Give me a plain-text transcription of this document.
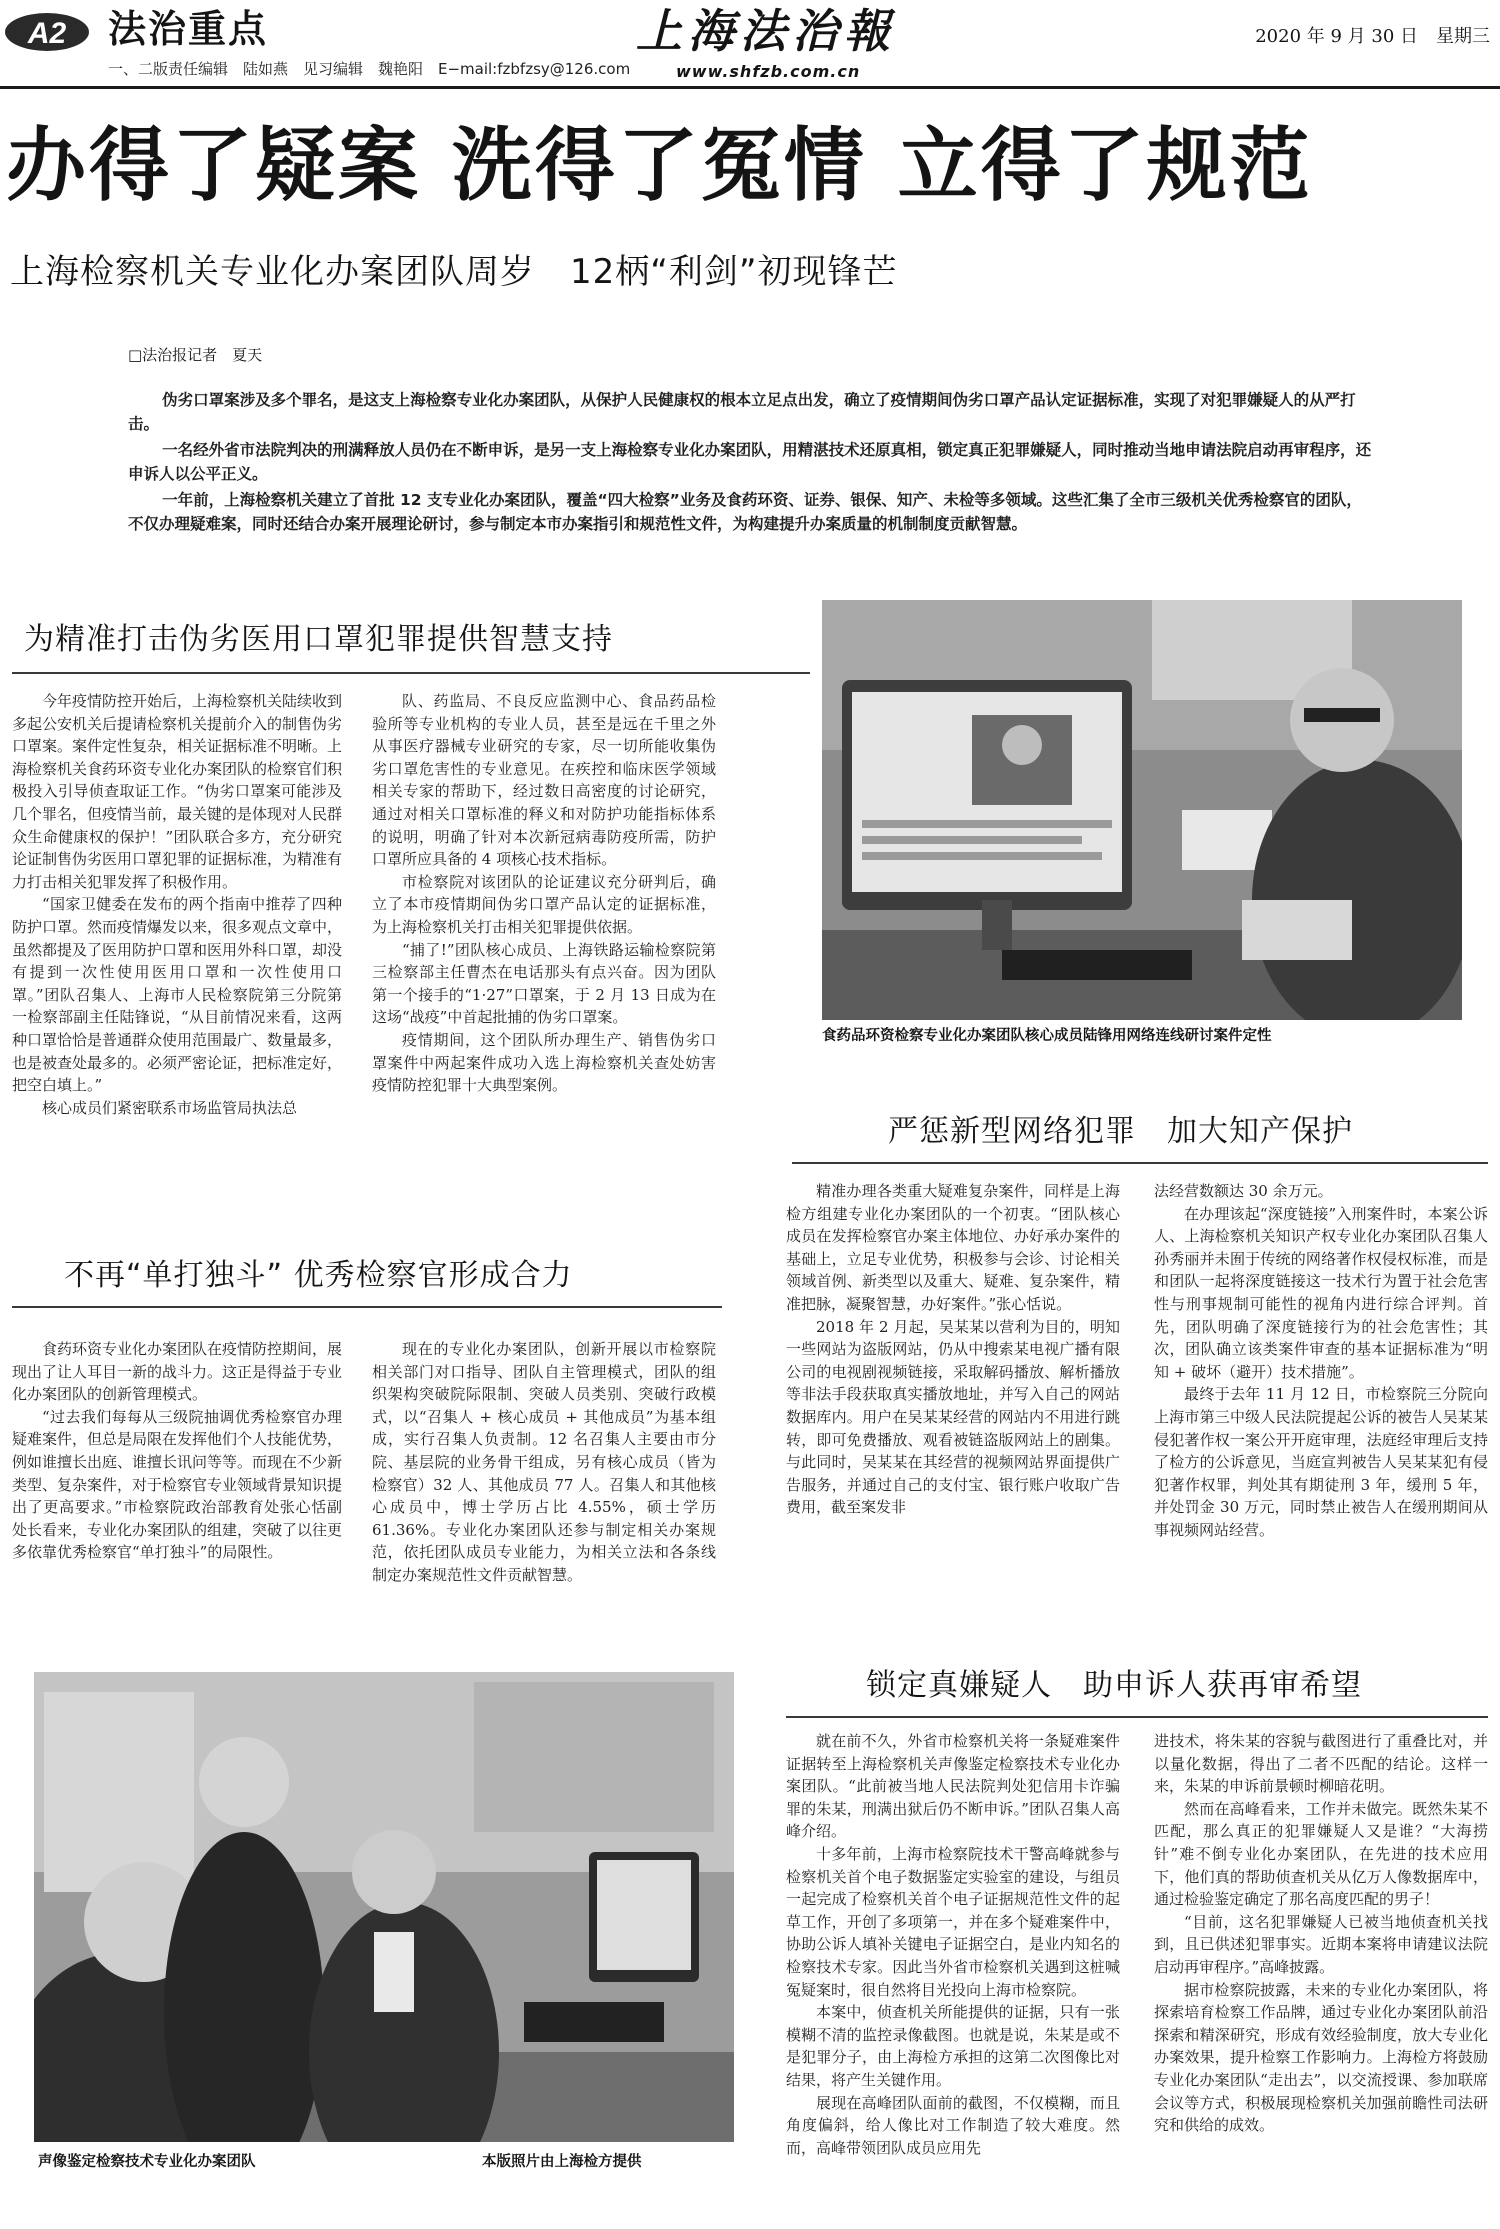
A2 法治重点
一、二版责任编辑　陆如燕　见习编辑　魏艳阳　E−mail:fzbfzsy@126.com
上海法治報
www.shfzb.com.cn
2020 年 9 月 30 日　星期三
办得了疑案 洗得了冤情 立得了规范
上海检察机关专业化办案团队周岁　12柄“利剑”初现锋芒
□法治报记者　夏天

伪劣口罩案涉及多个罪名，是这支上海检察专业化办案团队，从保护人民健康权的根本立足点出发，确立了疫情期间伪劣口罩产品认定证据标准，实现了对犯罪嫌疑人的从严打击。

一名经外省市法院判决的刑满释放人员仍在不断申诉，是另一支上海检察专业化办案团队，用精湛技术还原真相，锁定真正犯罪嫌疑人，同时推动当地申请法院启动再审程序，还申诉人以公平正义。

一年前，上海检察机关建立了首批 12 支专业化办案团队，覆盖“四大检察”业务及食药环资、证券、银保、知产、未检等多领域。这些汇集了全市三级机关优秀检察官的团队，不仅办理疑难案，同时还结合办案开展理论研讨，参与制定本市办案指引和规范性文件，为构建提升办案质量的机制制度贡献智慧。

为精准打击伪劣医用口罩犯罪提供智慧支持

今年疫情防控开始后，上海检察机关陆续收到多起公安机关后提请检察机关提前介入的制售伪劣口罩案。案件定性复杂，相关证据标准不明晰。上海检察机关食药环资专业化办案团队的检察官们积极投入引导侦查取证工作。“伪劣口罩案可能涉及几个罪名，但疫情当前，最关键的是体现对人民群众生命健康权的保护！”团队联合多方，充分研究论证制售伪劣医用口罩犯罪的证据标准，为精准有力打击相关犯罪发挥了积极作用。

“国家卫健委在发布的两个指南中推荐了四种防护口罩。然而疫情爆发以来，很多观点文章中，虽然都提及了医用防护口罩和医用外科口罩，却没有提到一次性使用医用口罩和一次性使用口罩。”团队召集人、上海市人民检察院第三分院第一检察部副主任陆锋说，“从目前情况来看，这两种口罩恰恰是普通群众使用范围最广、数量最多，也是被查处最多的。必须严密论证，把标准定好，把空白填上。”

核心成员们紧密联系市场监管局执法总

队、药监局、不良反应监测中心、食品药品检验所等专业机构的专业人员，甚至是远在千里之外从事医疗器械专业研究的专家，尽一切所能收集伪劣口罩危害性的专业意见。在疾控和临床医学领域相关专家的帮助下，经过数日高密度的讨论研究，通过对相关口罩标准的释义和对防护功能指标体系的说明，明确了针对本次新冠病毒防疫所需，防护口罩所应具备的 4 项核心技术指标。

市检察院对该团队的论证建议充分研判后，确立了本市疫情期间伪劣口罩产品认定的证据标准，为上海检察机关打击相关犯罪提供依据。

“捕了!”团队核心成员、上海铁路运输检察院第三检察部主任曹杰在电话那头有点兴奋。因为团队第一个接手的“1·27”口罩案，于 2 月 13 日成为在这场“战疫”中首起批捕的伪劣口罩案。

疫情期间，这个团队所办理生产、销售伪劣口罩案件中两起案件成功入选上海检察机关查处妨害疫情防控犯罪十大典型案例。

食药品环资检察专业化办案团队核心成员陆锋用网络连线研讨案件定性
不再“单打独斗” 优秀检察官形成合力

食药环资专业化办案团队在疫情防控期间，展现出了让人耳目一新的战斗力。这正是得益于专业化办案团队的创新管理模式。

“过去我们每每从三级院抽调优秀检察官办理疑难案件，但总是局限在发挥他们个人技能优势，例如谁擅长出庭、谁擅长讯问等等。而现在不少新类型、复杂案件，对于检察官专业领域背景知识提出了更高要求。”市检察院政治部教育处张心恬副处长看来，专业化办案团队的组建，突破了以往更多依靠优秀检察官“单打独斗”的局限性。

现在的专业化办案团队，创新开展以市检察院相关部门对口指导、团队自主管理模式，团队的组织架构突破院际限制、突破人员类别、突破行政模式，以“召集人 + 核心成员 + 其他成员”为基本组成，实行召集人负责制。12 名召集人主要由市分院、基层院的业务骨干组成，另有核心成员（皆为检察官）32 人、其他成员 77 人。召集人和其他核心成员中，博士学历占比 4.55%，硕士学历 61.36%。专业化办案团队还参与制定相关办案规范，依托团队成员专业能力，为相关立法和各条线制定办案规范性文件贡献智慧。

严惩新型网络犯罪　加大知产保护

精准办理各类重大疑难复杂案件，同样是上海检方组建专业化办案团队的一个初衷。“团队核心成员在发挥检察官办案主体地位、办好承办案件的基础上，立足专业优势，积极参与会诊、讨论相关领域首例、新类型以及重大、疑难、复杂案件，精准把脉，凝聚智慧，办好案件。”张心恬说。

2018 年 2 月起，吴某某以营利为目的，明知一些网站为盗版网站，仍从中搜索某电视广播有限公司的电视剧视频链接，采取解码播放、解析播放等非法手段获取真实播放地址，并写入自己的网站数据库内。用户在吴某某经营的网站内不用进行跳转，即可免费播放、观看被链盗版网站上的剧集。与此同时，吴某某在其经营的视频网站界面提供广告服务，并通过自己的支付宝、银行账户收取广告费用，截至案发非

法经营数额达 30 余万元。

在办理该起“深度链接”入刑案件时，本案公诉人、上海检察机关知识产权专业化办案团队召集人孙秀丽并未囿于传统的网络著作权侵权标准，而是和团队一起将深度链接这一技术行为置于社会危害性与刑事规制可能性的视角内进行综合评判。首先，团队明确了深度链接行为的社会危害性；其次，团队确立该类案件审查的基本证据标准为“明知 + 破坏（避开）技术措施”。

最终于去年 11 月 12 日，市检察院三分院向上海市第三中级人民法院提起公诉的被告人吴某某侵犯著作权一案公开开庭审理，法庭经审理后支持了检方的公诉意见，当庭宣判被告人吴某某犯有侵犯著作权罪，判处其有期徒刑 3 年，缓刑 5 年，并处罚金 30 万元，同时禁止被告人在缓刑期间从事视频网站经营。

声像鉴定检察技术专业化办案团队	本版照片由上海检方提供
锁定真嫌疑人　助申诉人获再审希望

就在前不久，外省市检察机关将一条疑难案件证据转至上海检察机关声像鉴定检察技术专业化办案团队。“此前被当地人民法院判处犯信用卡诈骗罪的朱某，刑满出狱后仍不断申诉。”团队召集人高峰介绍。

十多年前，上海市检察院技术干警高峰就参与检察机关首个电子数据鉴定实验室的建设，与组员一起完成了检察机关首个电子证据规范性文件的起草工作，开创了多项第一，并在多个疑难案件中，协助公诉人填补关键电子证据空白，是业内知名的检察技术专家。因此当外省市检察机关遇到这桩喊冤疑案时，很自然将目光投向上海市检察院。

本案中，侦查机关所能提供的证据，只有一张模糊不清的监控录像截图。也就是说，朱某是或不是犯罪分子，由上海检方承担的这第二次图像比对结果，将产生关键作用。

展现在高峰团队面前的截图，不仅模糊，而且角度偏斜，给人像比对工作制造了较大难度。然而，高峰带领团队成员应用先

进技术，将朱某的容貌与截图进行了重叠比对，并以量化数据，得出了二者不匹配的结论。这样一来，朱某的申诉前景顿时柳暗花明。

然而在高峰看来，工作并未做完。既然朱某不匹配，那么真正的犯罪嫌疑人又是谁？“大海捞针”难不倒专业化办案团队，在先进的技术应用下，他们真的帮助侦查机关从亿万人像数据库中，通过检验鉴定确定了那名高度匹配的男子！

“目前，这名犯罪嫌疑人已被当地侦查机关找到，且已供述犯罪事实。近期本案将申请建议法院启动再审程序。”高峰披露。

据市检察院披露，未来的专业化办案团队，将探索培育检察工作品牌，通过专业化办案团队前沿探索和精深研究，形成有效经验制度，放大专业化办案效果，提升检察工作影响力。上海检方将鼓励专业化办案团队“走出去”，以交流授课、参加联席会议等方式，积极展现检察机关加强前瞻性司法研究和供给的成效。
